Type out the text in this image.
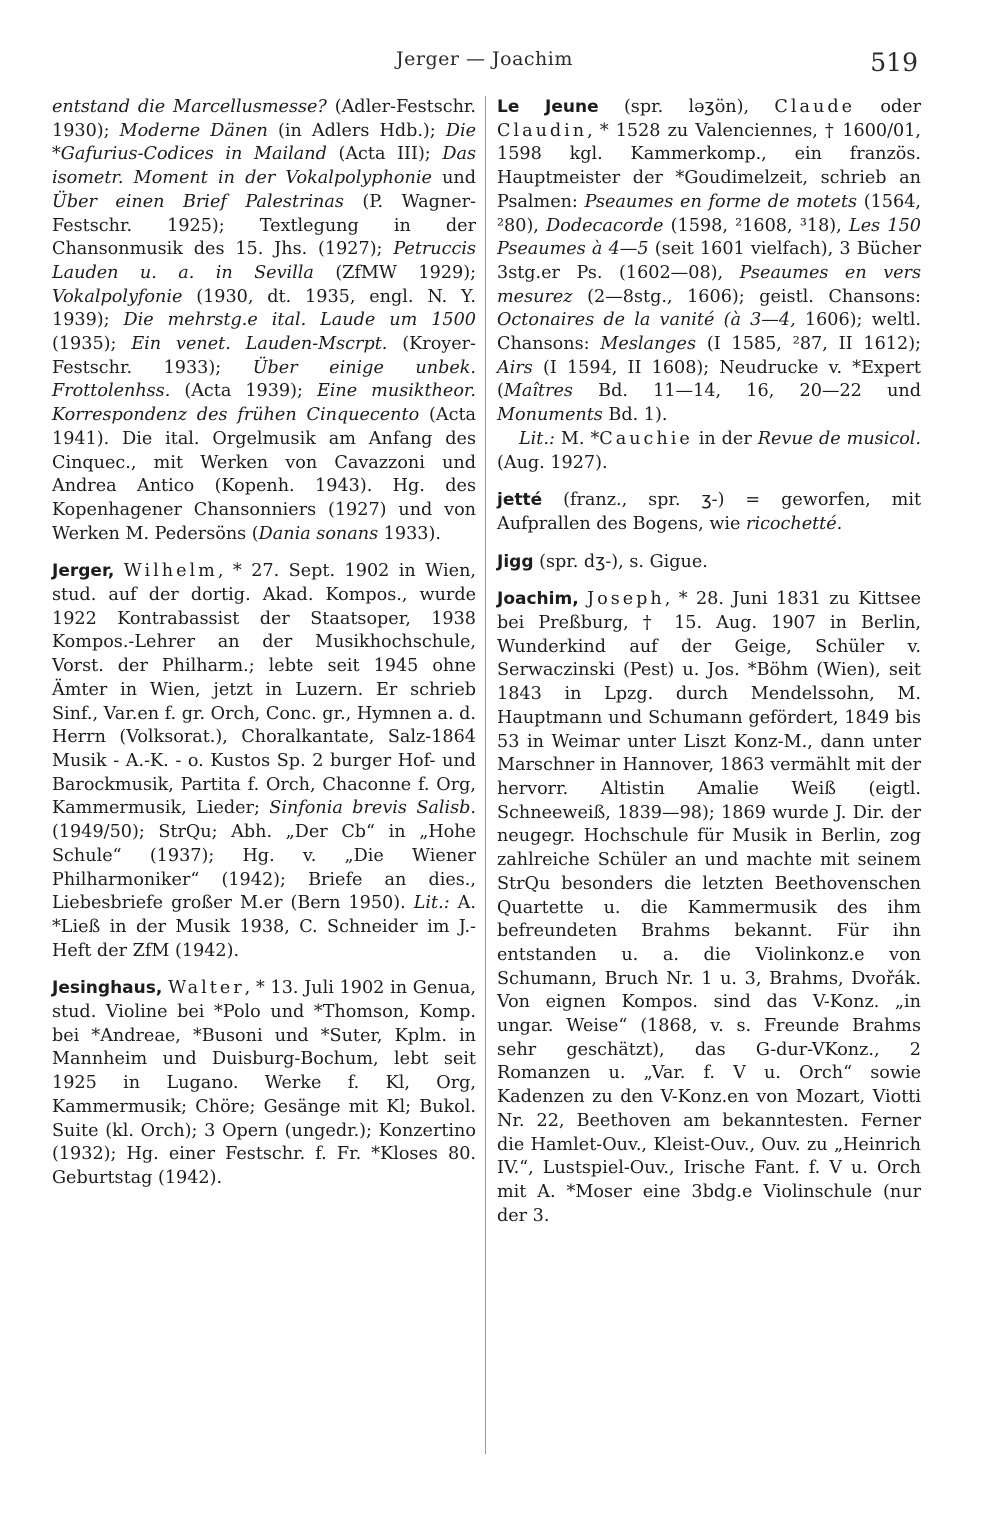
Jerger — Joachim	519

entstand die Marcellusmesse? (Adler-Festschr. 1930); Moderne Dänen (in Adlers Hdb.); Die *Gafurius-Codices in Mailand (Acta III); Das isometr. Moment in der Vokalpolyphonie und Über einen Brief Palestrinas (P. Wagner-Festschr. 1925); Textlegung in der Chansonmusik des 15. Jhs. (1927); Petruccis Lauden u. a. in Sevilla (ZfMW 1929); Vokalpolyfonie (1930, dt. 1935, engl. N. Y. 1939); Die mehrstg.e ital. Laude um 1500 (1935); Ein venet. Lauden-Mscrpt. (Kroyer-Festschr. 1933); Über einige unbek. Frottolenhss. (Acta 1939); Eine musiktheor. Korrespondenz des frühen Cinquecento (Acta 1941). Die ital. Orgelmusik am Anfang des Cinquec., mit Werken von Cavazzoni und Andrea Antico (Kopenh. 1943). Hg. des Kopenhagener Chansonniers (1927) und von Werken M. Pedersöns (Dania sonans 1933).

Jerger, Wilhelm, * 27. Sept. 1902 in Wien, stud. auf der dortig. Akad. Kompos., wurde 1922 Kontrabassist der Staatsoper, 1938 Kompos.-Lehrer an der Musikhochschule, Vorst. der Philharm.; lebte seit 1945 ohne Ämter in Wien, jetzt in Luzern. Er schrieb Sinf., Var.en f. gr. Orch, Conc. gr., Hymnen a. d. Herrn (Volksorat.), Choralkantate, Salz-1864 Musik - A.-K. - o. Kustos Sp. 2 burger Hof- und Barockmusik, Partita f. Orch, Chaconne f. Org, Kammermusik, Lieder; Sinfonia brevis Salisb. (1949/50); StrQu; Abh. „Der Cb“ in „Hohe Schule“ (1937); Hg. v. „Die Wiener Philharmoniker“ (1942); Briefe an dies., Liebesbriefe großer M.er (Bern 1950). Lit.: A. *Ließ in der Musik 1938, C. Schneider im J.-Heft der ZfM (1942).

Jesinghaus, Walter, * 13. Juli 1902 in Genua, stud. Violine bei *Polo und *Thomson, Komp. bei *Andreae, *Busoni und *Suter, Kplm. in Mannheim und Duisburg-Bochum, lebt seit 1925 in Lugano. Werke f. Kl, Org, Kammermusik; Chöre; Gesänge mit Kl; Bukol. Suite (kl. Orch); 3 Opern (ungedr.); Konzertino (1932); Hg. einer Festschr. f. Fr. *Kloses 80. Geburtstag (1942).

Le Jeune (spr. ləʒön), Claude oder Claudin, * 1528 zu Valenciennes, † 1600/01, 1598 kgl. Kammerkomp., ein französ. Hauptmeister der *Goudimelzeit, schrieb an Psalmen: Pseaumes en forme de motets (1564, ²80), Dodecacorde (1598, ²1608, ³18), Les 150 Pseaumes à 4—5 (seit 1601 vielfach), 3 Bücher 3stg.er Ps. (1602—08), Pseaumes en vers mesurez (2—8stg., 1606); geistl. Chansons: Octonaires de la vanité (à 3—4, 1606); weltl. Chansons: Meslanges (I 1585, ²87, II 1612); Airs (I 1594, II 1608); Neudrucke v. *Expert (Maîtres Bd. 11—14, 16, 20—22 und Monuments Bd. 1).

Lit.: M. *Cauchie in der Revue de musicol. (Aug. 1927).

jetté (franz., spr. ʒ-) = geworfen, mit Aufprallen des Bogens, wie ricochetté.

Jigg (spr. dʒ-), s. Gigue.

Joachim, Joseph, * 28. Juni 1831 zu Kittsee bei Preßburg, † 15. Aug. 1907 in Berlin, Wunderkind auf der Geige, Schüler v. Serwaczinski (Pest) u. Jos. *Böhm (Wien), seit 1843 in Lpzg. durch Mendelssohn, M. Hauptmann und Schumann gefördert, 1849 bis 53 in Weimar unter Liszt Konz-M., dann unter Marschner in Hannover, 1863 vermählt mit der hervorr. Altistin Amalie Weiß (eigtl. Schneeweiß, 1839—98); 1869 wurde J. Dir. der neugegr. Hochschule für Musik in Berlin, zog zahlreiche Schüler an und machte mit seinem StrQu besonders die letzten Beethovenschen Quartette u. die Kammermusik des ihm befreundeten Brahms bekannt. Für ihn entstanden u. a. die Violinkonz.e von Schumann, Bruch Nr. 1 u. 3, Brahms, Dvořák. Von eignen Kompos. sind das V-Konz. „in ungar. Weise“ (1868, v. s. Freunde Brahms sehr geschätzt), das G-dur-VKonz., 2 Romanzen u. „Var. f. V u. Orch“ sowie Kadenzen zu den V-Konz.en von Mozart, Viotti Nr. 22, Beethoven am bekanntesten. Ferner die Hamlet-Ouv., Kleist-Ouv., Ouv. zu „Heinrich IV.“, Lustspiel-Ouv., Irische Fant. f. V u. Orch mit A. *Moser eine 3bdg.e Violinschule (nur der 3.
